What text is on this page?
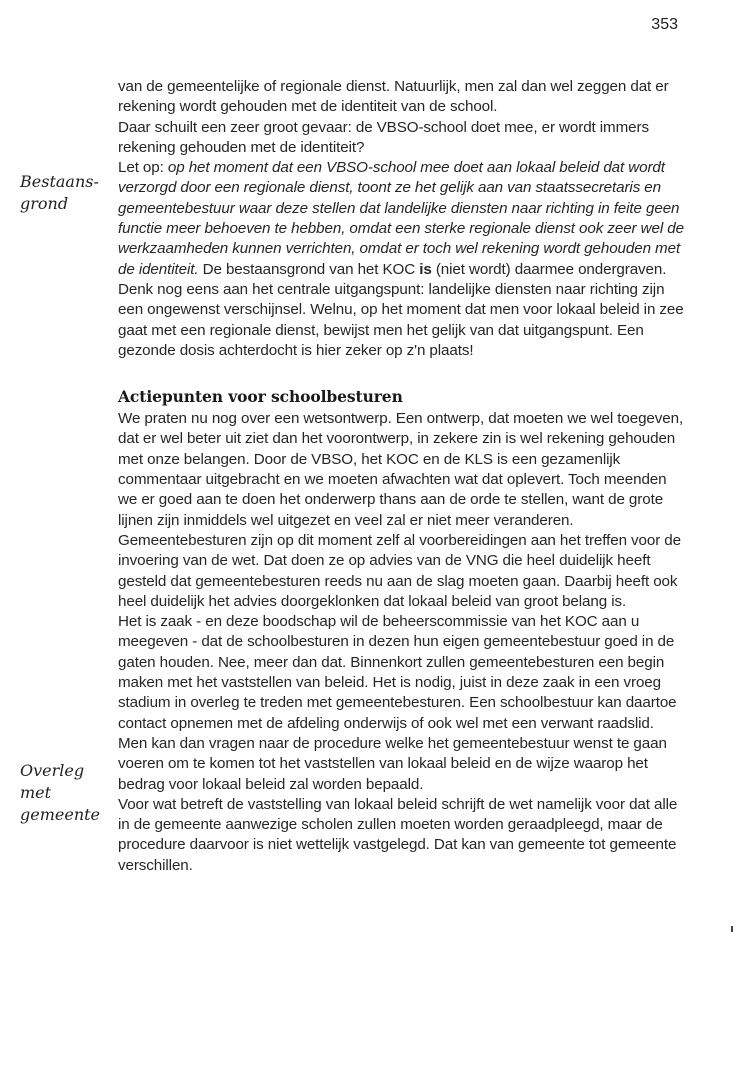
353
Bestaans- grond
Overleg met gemeente

van de gemeentelijke of regionale dienst. Natuurlijk, men zal dan wel zeggen dat er rekening wordt gehouden met de identiteit van de school.

Daar schuilt een zeer groot gevaar: de VBSO-school doet mee, er wordt immers rekening gehouden met de identiteit?

Let op: op het moment dat een VBSO-school mee doet aan lokaal beleid dat wordt verzorgd door een regionale dienst, toont ze het gelijk aan van staatssecretaris en gemeentebestuur waar deze stellen dat landelijke diensten naar richting in feite geen functie meer behoeven te hebben, omdat een sterke regionale dienst ook zeer wel de werkzaamheden kunnen verrichten, omdat er toch wel rekening wordt gehouden met de identiteit. De bestaansgrond van het KOC is (niet wordt) daarmee ondergraven.

Denk nog eens aan het centrale uitgangspunt: landelijke diensten naar richting zijn een ongewenst verschijnsel. Welnu, op het moment dat men voor lokaal beleid in zee gaat met een regionale dienst, bewijst men het gelijk van dat uitgangspunt. Een gezonde dosis achterdocht is hier zeker op z'n plaats!

Actiepunten voor schoolbesturen

We praten nu nog over een wetsontwerp. Een ontwerp, dat moeten we wel toegeven, dat er wel beter uit ziet dan het voorontwerp, in zekere zin is wel rekening gehouden met onze belangen. Door de VBSO, het KOC en de KLS is een gezamenlijk commentaar uitgebracht en we moeten afwachten wat dat oplevert. Toch meenden we er goed aan te doen het onderwerp thans aan de orde te stellen, want de grote lijnen zijn inmiddels wel uitgezet en veel zal er niet meer veranderen.

Gemeentebesturen zijn op dit moment zelf al voorbereidingen aan het treffen voor de invoering van de wet. Dat doen ze op advies van de VNG die heel duidelijk heeft gesteld dat gemeentebesturen reeds nu aan de slag moeten gaan. Daarbij heeft ook heel duidelijk het advies doorgeklonken dat lokaal beleid van groot belang is.

Het is zaak - en deze boodschap wil de beheerscommissie van het KOC aan u meegeven - dat de schoolbesturen in dezen hun eigen gemeentebestuur goed in de gaten houden. Nee, meer dan dat. Binnenkort zullen gemeentebesturen een begin maken met het vaststellen van beleid. Het is nodig, juist in deze zaak in een vroeg stadium in overleg te treden met gemeentebesturen. Een schoolbestuur kan daartoe contact opnemen met de afdeling onderwijs of ook wel met een verwant raadslid. Men kan dan vragen naar de procedure welke het gemeentebestuur wenst te gaan voeren om te komen tot het vaststellen van lokaal beleid en de wijze waarop het bedrag voor lokaal beleid zal worden bepaald.

Voor wat betreft de vaststelling van lokaal beleid schrijft de wet namelijk voor dat alle in de gemeente aanwezige scholen zullen moeten worden geraadpleegd, maar de procedure daarvoor is niet wettelijk vastgelegd. Dat kan van gemeente tot gemeente verschillen.
